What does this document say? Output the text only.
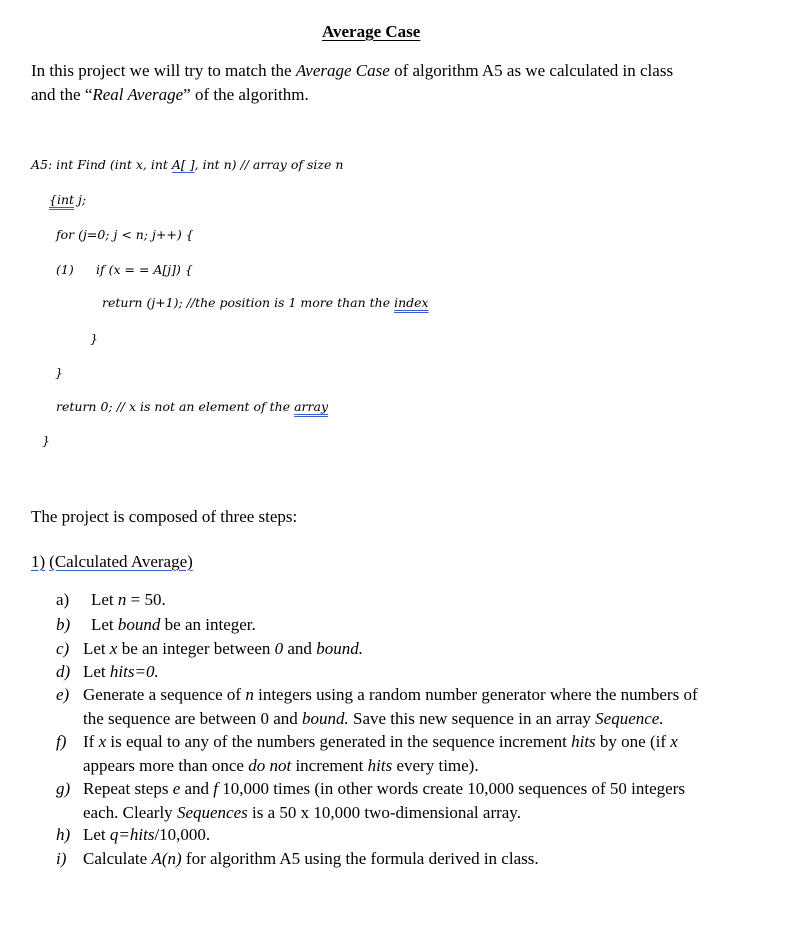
Average Case
In this project we will try to match the Average Case of algorithm A5 as we calculated in class
and the “Real Average” of the algorithm.
A5: int Find (int x, int A[ ], int n) // array of size n
{int j;
for (j=0; j < n; j++) {
(1) if (x = = A[j]) {
return (j+1); //the position is 1 more than the index
}
}
return 0; // x is not an element of the array
}
The project is composed of three steps:
1) (Calculated Average)
a)	Let n = 50.
b)	Let bound be an integer.
c) Let x be an integer between 0 and bound.
d) Let hits=0.
e) Generate a sequence of n integers using a random number generator where the numbers of the sequence are between 0 and bound. Save this new sequence in an array Sequence.
f) If x is equal to any of the numbers generated in the sequence increment hits by one (if x appears more than once do not increment hits every time).
g) Repeat steps e and f 10,000 times (in other words create 10,000 sequences of 50 integers each. Clearly Sequences is a 50 x 10,000 two-dimensional array.
h) Let q=hits/10,000.
i) Calculate A(n) for algorithm A5 using the formula derived in class.
